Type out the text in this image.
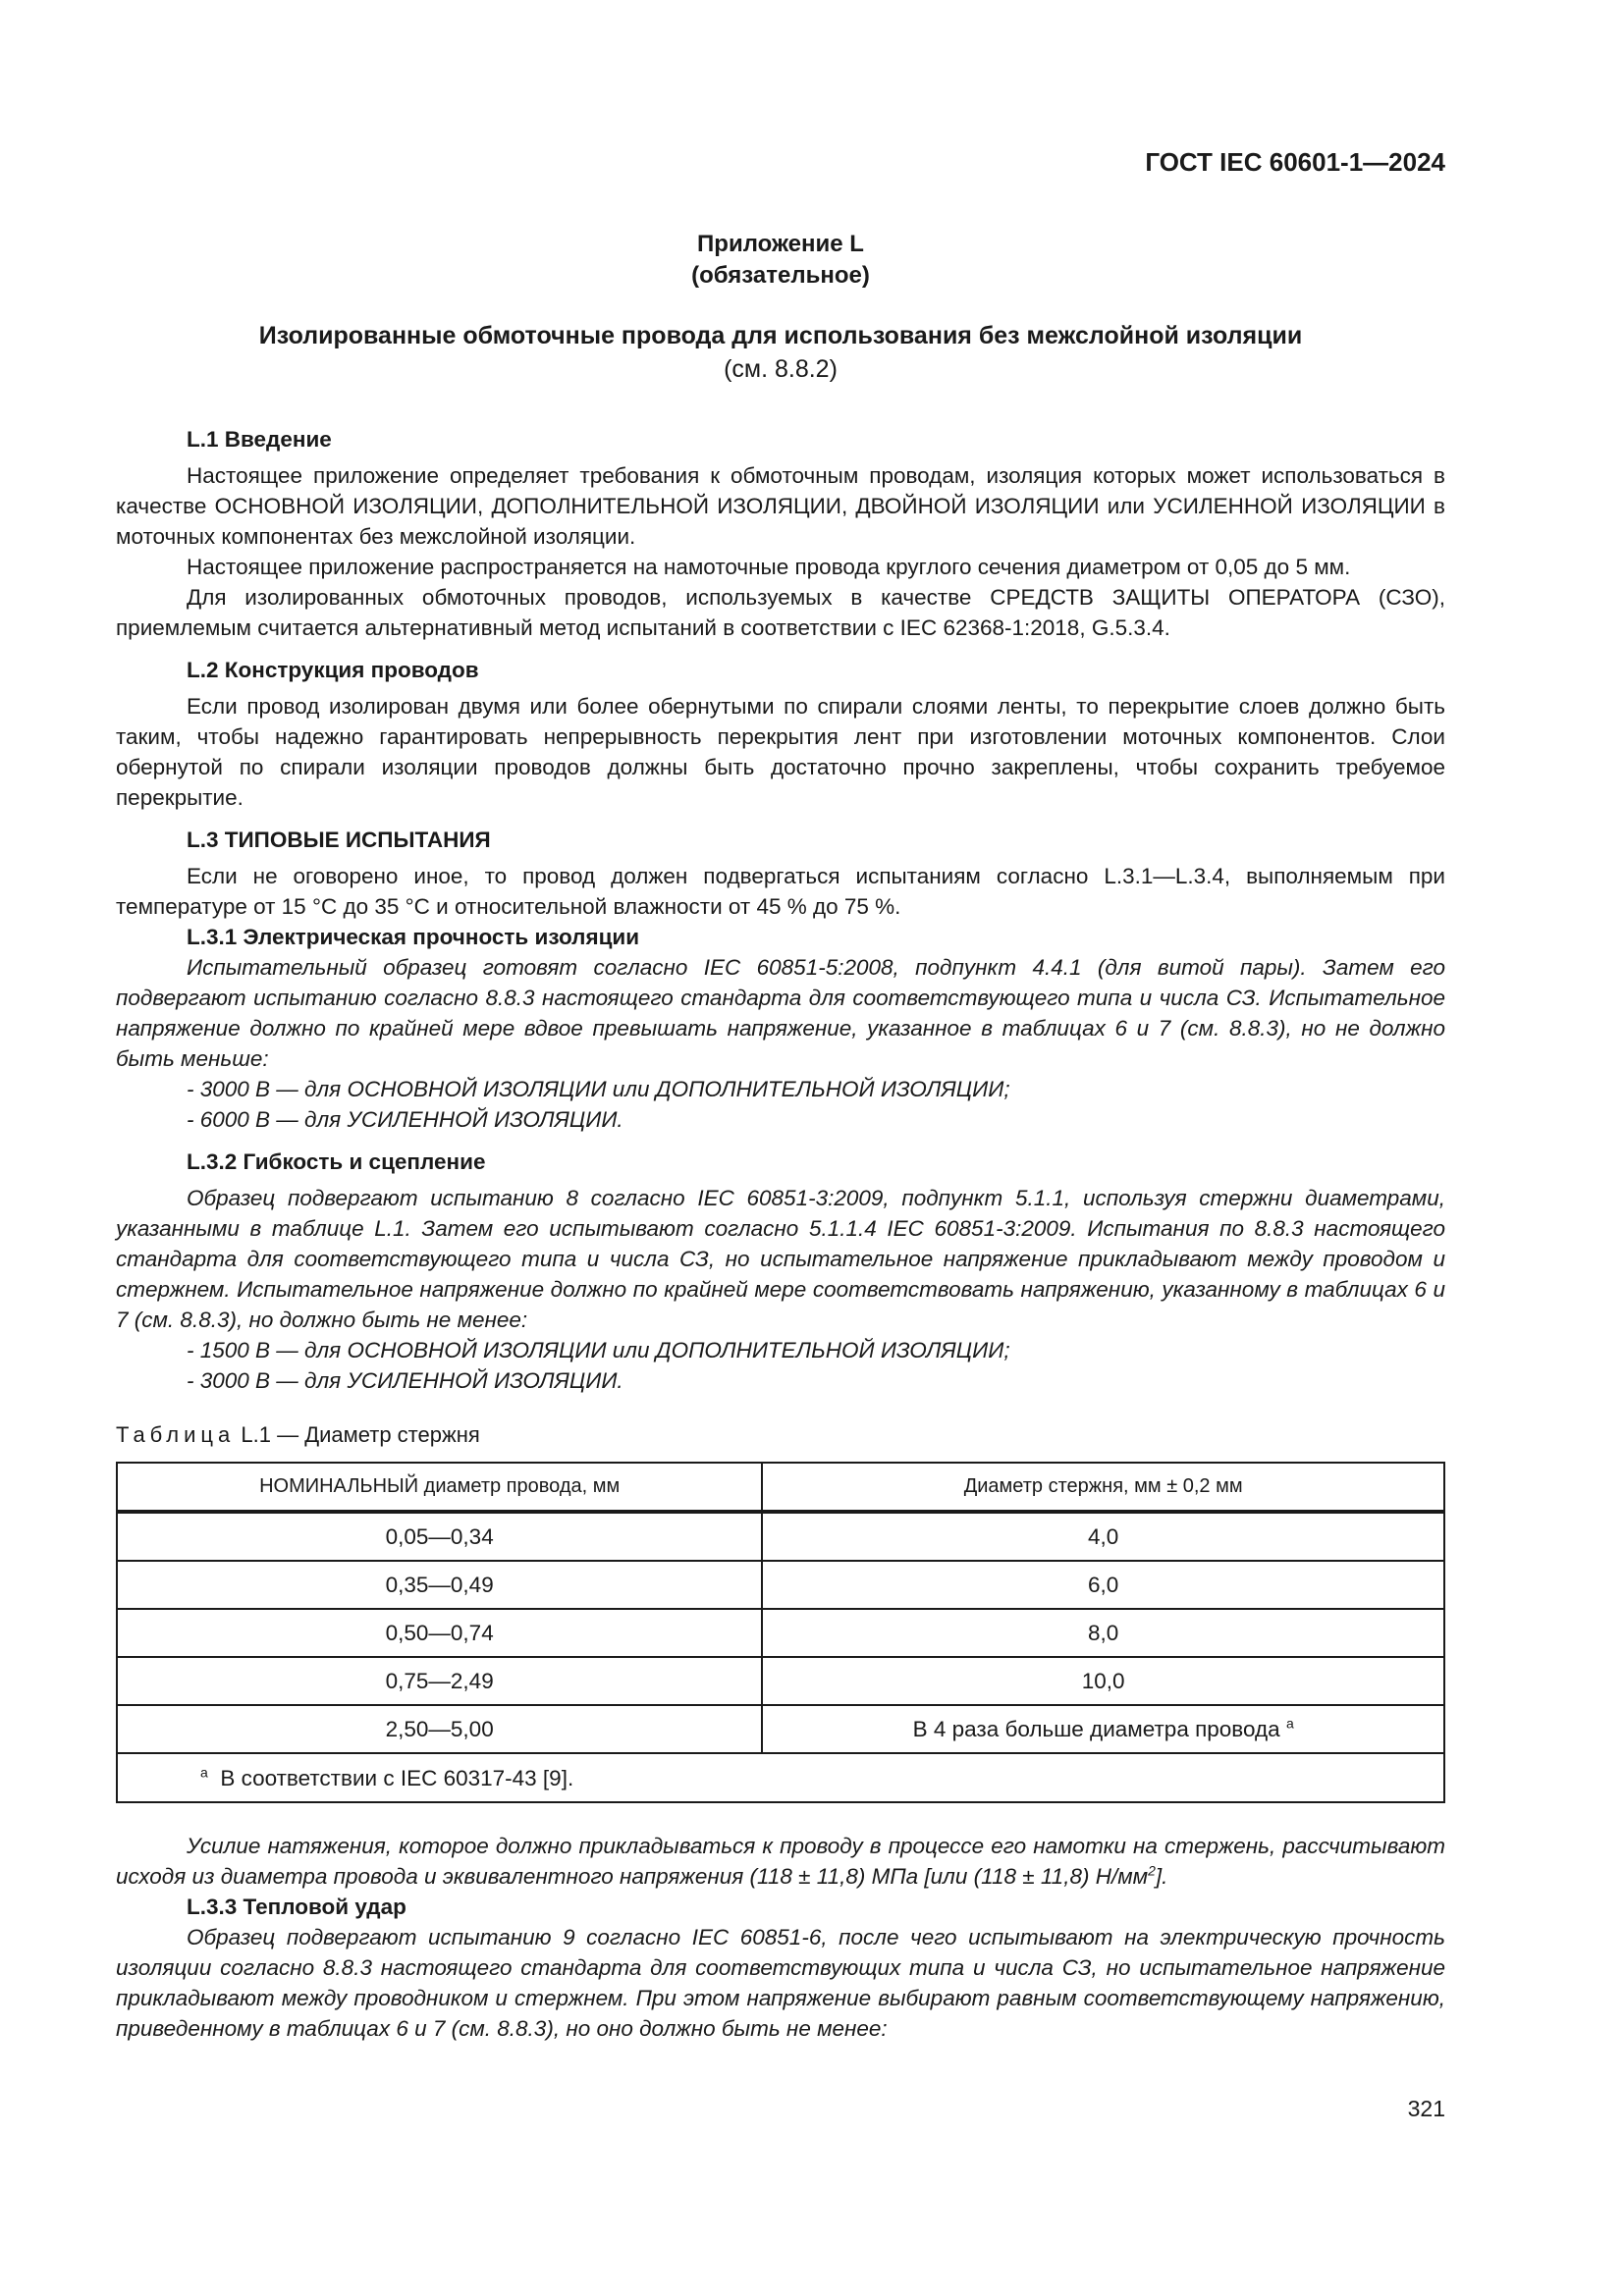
ГОСТ IEC 60601-1—2024
Приложение L
(обязательное)
Изолированные обмоточные провода для использования без межслойной изоляции
(см. 8.8.2)

L.1 Введение

Настоящее приложение определяет требования к обмоточным проводам, изоляция которых может использоваться в качестве ОСНОВНОЙ ИЗОЛЯЦИИ, ДОПОЛНИТЕЛЬНОЙ ИЗОЛЯЦИИ, ДВОЙНОЙ ИЗОЛЯЦИИ или УСИЛЕННОЙ ИЗОЛЯЦИИ в моточных компонентах без межслойной изоляции.

Настоящее приложение распространяется на намоточные провода круглого сечения диаметром от 0,05 до 5 мм.

Для изолированных обмоточных проводов, используемых в качестве СРЕДСТВ ЗАЩИТЫ ОПЕРАТОРА (СЗО), приемлемым считается альтернативный метод испытаний в соответствии с IEC 62368-1:2018, G.5.3.4.

L.2 Конструкция проводов

Если провод изолирован двумя или более обернутыми по спирали слоями ленты, то перекрытие слоев должно быть таким, чтобы надежно гарантировать непрерывность перекрытия лент при изготовлении моточных компонентов. Слои обернутой по спирали изоляции проводов должны быть достаточно прочно закреплены, чтобы сохранить требуемое перекрытие.

L.3 ТИПОВЫЕ ИСПЫТАНИЯ

Если не оговорено иное, то провод должен подвергаться испытаниям согласно L.3.1—L.3.4, выполняемым при температуре от 15 °С до 35 °С и относительной влажности от 45 % до 75 %.

L.3.1 Электрическая прочность изоляции

Испытательный образец готовят согласно IEC 60851-5:2008, подпункт 4.4.1 (для витой пары). Затем его подвергают испытанию согласно 8.8.3 настоящего стандарта для соответствующего типа и числа СЗ. Испытательное напряжение должно по крайней мере вдвое превышать напряжение, указанное в таблицах 6 и 7 (см. 8.8.3), но не должно быть меньше:

- 3000 В — для ОСНОВНОЙ ИЗОЛЯЦИИ или ДОПОЛНИТЕЛЬНОЙ ИЗОЛЯЦИИ;

- 6000 В — для УСИЛЕННОЙ ИЗОЛЯЦИИ.

L.3.2 Гибкость и сцепление

Образец подвергают испытанию 8 согласно IEC 60851-3:2009, подпункт 5.1.1, используя стержни диаметрами, указанными в таблице L.1. Затем его испытывают согласно 5.1.1.4 IEC 60851-3:2009. Испытания по 8.8.3 настоящего стандарта для соответствующего типа и числа СЗ, но испытательное напряжение прикладывают между проводом и стержнем. Испытательное напряжение должно по крайней мере соответствовать напряжению, указанному в таблицах 6 и 7 (см. 8.8.3), но должно быть не менее:

- 1500 В — для ОСНОВНОЙ ИЗОЛЯЦИИ или ДОПОЛНИТЕЛЬНОЙ ИЗОЛЯЦИИ;

- 3000 В — для УСИЛЕННОЙ ИЗОЛЯЦИИ.

Таблица L.1 — Диаметр стержня

НОМИНАЛЬНЫЙ диаметр провода, мм	Диаметр стержня, мм ± 0,2 мм
0,05—0,34	4,0
0,35—0,49	6,0
0,50—0,74	8,0
0,75—2,49	10,0
2,50—5,00	В 4 раза больше диаметра провода $^a$
$^a$ В соответствии с IEC 60317-43 [9].	

Усилие натяжения, которое должно прикладываться к проводу в процессе его намотки на стержень, рассчитывают исходя из диаметра провода и эквивалентного напряжения (118 ± 11,8) МПа [или (118 ± 11,8) $Н/мм^2$].

L.3.3 Тепловой удар

Образец подвергают испытанию 9 согласно IEC 60851-6, после чего испытывают на электрическую прочность изоляции согласно 8.8.3 настоящего стандарта для соответствующих типа и числа СЗ, но испытательное напряжение прикладывают между проводником и стержнем. При этом напряжение выбирают равным соответствующему напряжению, приведенному в таблицах 6 и 7 (см. 8.8.3), но оно должно быть не менее:

321
